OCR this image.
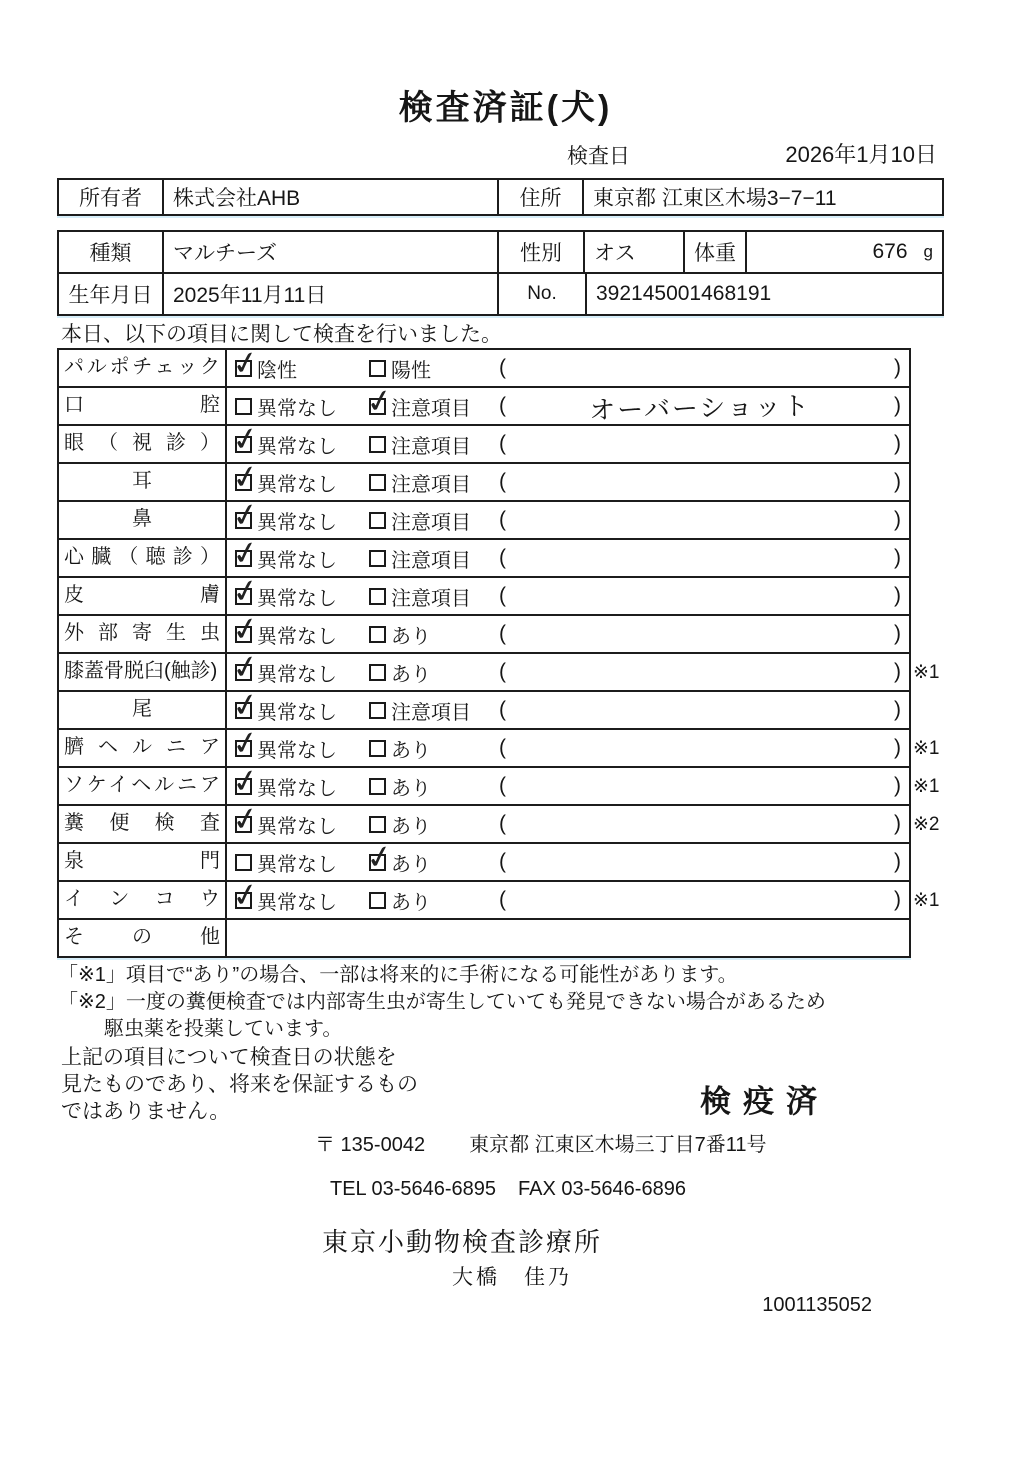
検査済証(犬)
検査日	2026年1月10日
所有者	株式会社AHB	住所	東京都 江東区木場3−7−11
種類	マルチーズ	性別	オス	体重	676 g
生年月日 2025年11月11日	No.	392145001468191
本日、以下の項目に関して検査を行いました。
パルポチェック ✓	陰性	陽性	(	)
口腔	異常なし ✓	注意項目 (	オーバーショット	)
眼（視診） ✓	異常なし	注意項目 (	)
耳 ✓	異常なし	注意項目 (	)
鼻 ✓	異常なし	注意項目 (	)
心臓（聴診） ✓	異常なし	注意項目 (	)
皮膚 ✓	異常なし	注意項目 (	)
外部寄生虫 ✓	異常なし	あり	(	)
膝蓋骨脱臼(触診) ✓	異常なし	あり	(	) ※1
尾 ✓	異常なし	注意項目 (	)
臍ヘルニア ✓	異常なし	あり	(	) ※1
ソケイヘルニア ✓	異常なし	あり	(	) ※1
糞便検査 ✓	異常なし	あり	(	) ※2
泉門	異常なし ✓	あり	(	)
インコウ ✓	異常なし	あり	(	) ※1
その他
「※1」項目で“あり”の場合、一部は将来的に手術になる可能性があります。
「※2」一度の糞便検査では内部寄生虫が寄生していても発見できない場合があるため
駆虫薬を投薬しています。
上記の項目について検査日の状態を
見たものであり、将来を保証するもの
ではありません。	検疫済
〒 135-0042 東京都 江東区木場三丁目7番11号
TEL 03-5646-6895 FAX 03-5646-6896
東京小動物検査診療所
大橋　佳乃
1001135052
